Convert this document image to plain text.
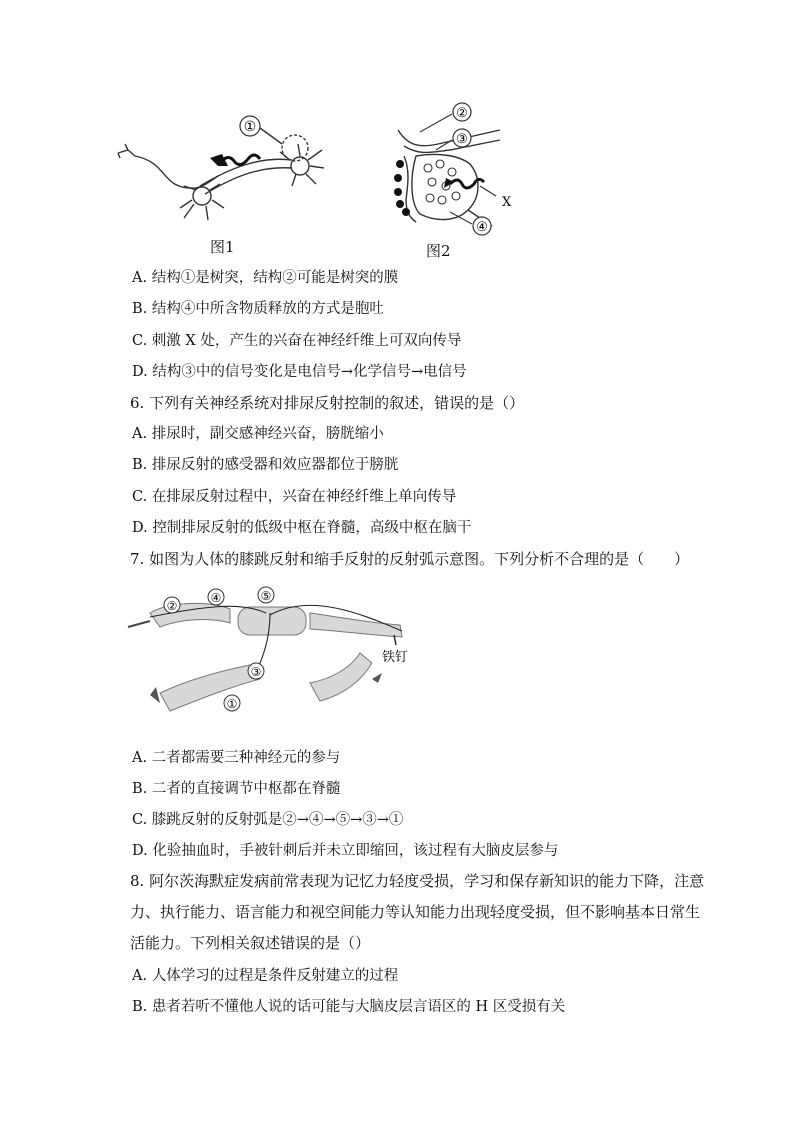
①
图1
②
③
④
X
图2
A. 结构①是树突，结构②可能是树突的膜
B. 结构④中所含物质释放的方式是胞吐
C. 刺激 X 处，产生的兴奋在神经纤维上可双向传导
D. 结构③中的信号变化是电信号→化学信号→电信号
6. 下列有关神经系统对排尿反射控制的叙述，错误的是（）
A. 排尿时，副交感神经兴奋，膀胱缩小
B. 排尿反射的感受器和效应器都位于膀胱
C. 在排尿反射过程中，兴奋在神经纤维上单向传导
D. 控制排尿反射的低级中枢在脊髓，高级中枢在脑干
7. 如图为人体的膝跳反射和缩手反射的反射弧示意图。下列分析不合理的是（　　）
①
②
③
④	⑤
铁钉
A. 二者都需要三种神经元的参与
B. 二者的直接调节中枢都在脊髓
C. 膝跳反射的反射弧是②→④→⑤→③→①
D. 化验抽血时，手被针刺后并未立即缩回，该过程有大脑皮层参与
8. 阿尔茨海默症发病前常表现为记忆力轻度受损，学习和保存新知识的能力下降，注意力、执行能力、语言能力和视空间能力等认知能力出现轻度受损，但不影响基本日常生活能力。下列相关叙述错误的是（）
A. 人体学习的过程是条件反射建立的过程
B. 患者若听不懂他人说的话可能与大脑皮层言语区的 H 区受损有关
